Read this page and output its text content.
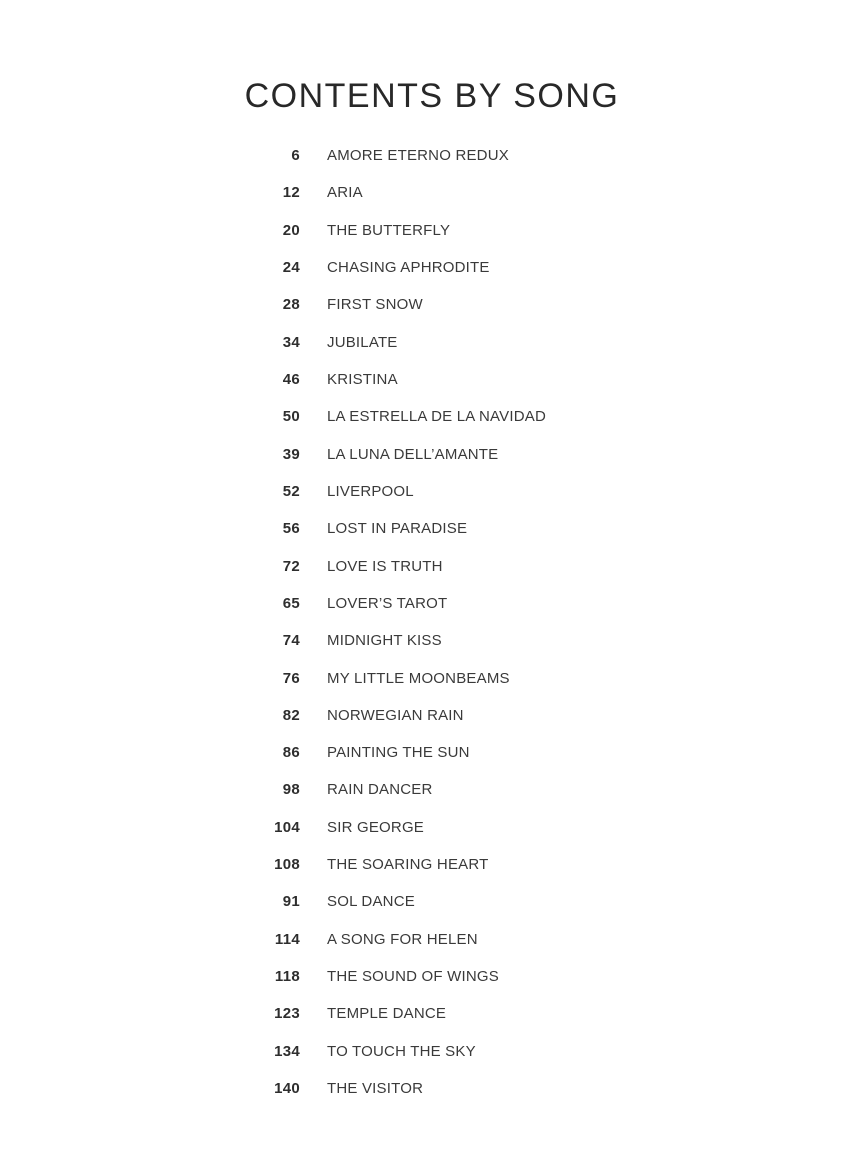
CONTENTS BY SONG
6 AMORE ETERNO REDUX
12 ARIA
20 THE BUTTERFLY
24 CHASING APHRODITE
28 FIRST SNOW
34 JUBILATE
46 KRISTINA
50 LA ESTRELLA DE LA NAVIDAD
39 LA LUNA DELL’AMANTE
52 LIVERPOOL
56 LOST IN PARADISE
72 LOVE IS TRUTH
65 LOVER’S TAROT
74 MIDNIGHT KISS
76 MY LITTLE MOONBEAMS
82 NORWEGIAN RAIN
86 PAINTING THE SUN
98 RAIN DANCER
104 SIR GEORGE
108 THE SOARING HEART
91 SOL DANCE
114 A SONG FOR HELEN
118 THE SOUND OF WINGS
123 TEMPLE DANCE
134 TO TOUCH THE SKY
140 THE VISITOR
